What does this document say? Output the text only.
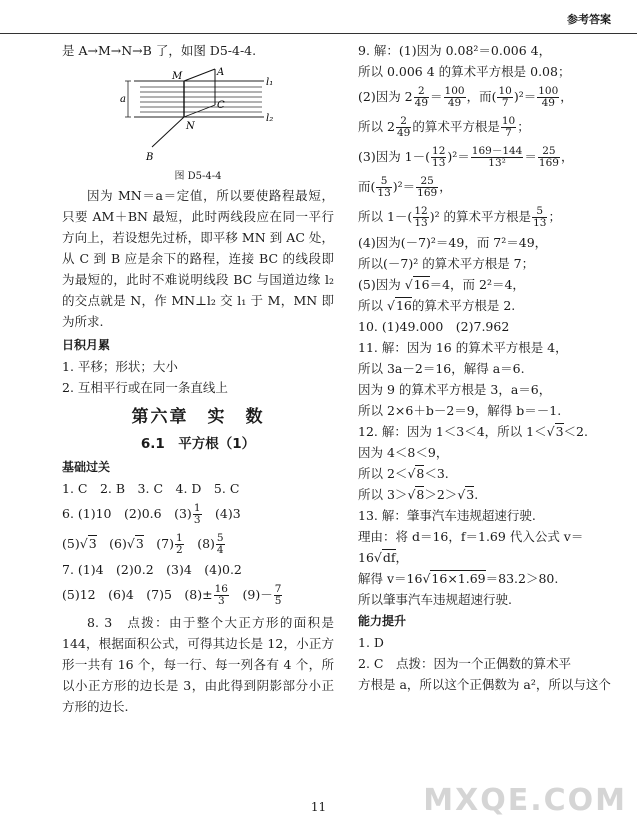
参考答案
是 A→M→N→B 了，如图 D5-4-4.
a
A
M
C
N
B
l₁
l₂
图 D5-4-4
因为 MN＝a＝定值，所以要使路程最短，只要 AM＋BN 最短，此时两线段应在同一平行方向上，若设想先过桥，即平移 MN 到 AC 处，从 C 到 B 应是余下的路程，连接 BC 的线段即为最短的，此时不难说明线段 BC 与国道边缘 l₂ 的交点就是 N，作 MN⊥l₂ 交 l₁ 于 M，MN 即为所求.
日积月累
1. 平移；形状；大小
2. 互相平行或在同一条直线上
第六章　实　数
6.1　平方根（1）
基础过关
1. C　2. B　3. C　4. D　5. C
6. (1)10　(2)0.6　$(3) \frac{1}{3}$ 　(4)3
(5)√3　(6)√3　$(7) \frac{1}{2}$ 　$(8) \frac{5}{4}$
7. (1)4　(2)0.2　(3)4　(4)0.2
(5)12　(6)4　(7)5　$(8)\pm \frac{16}{3}$ 　$(9)- \frac{7}{5}$
8. 3　点拨：由于整个大正方形的面积是 144，根据面积公式，可得其边长是 12，小正方形一共有 16 个，每一行、每一列各有 4 个，所以小正方形的边长是 3，由此得到阴影部分小正方形的边长.
9. 解：(1)因为 0.08²＝0.006 4，
所以 0.006 4 的算术平方根是 0.08；
(2)因为 $2 \frac{2}{49} = \frac{100}{49}$ ，而( $\frac{10}{7} )^2= \frac{100}{49}$ ，
所以 $2 \frac{2}{49}$ 的算术平方根是 $\frac{10}{7}$ ；
(3)因为 $1-( \frac{12}{13} )^2= \frac{169-144}{\text{13²}} = \frac{25}{169}$ ，
而( $\frac{5}{13} )^2= \frac{25}{169}$ ，
所以 $1-( \frac{12}{13} )^2$ 的算术平方根是 $\frac{5}{13}$ ；
(4)因为(－7)²＝49，而 7²＝49，
所以(－7)² 的算术平方根是 7；
(5)因为 √16＝4，而 2²＝4，
所以 √16的算术平方根是 2.
10. (1)49.000　(2)7.962
11. 解：因为 16 的算术平方根是 4，
所以 3a－2＝16，解得 a＝6.
因为 9 的算术平方根是 3，a＝6，
所以 2×6＋b－2＝9，解得 b＝－1.
12. 解：因为 1＜3＜4，所以 1＜√3＜2.
因为 4＜8＜9，
所以 2＜√8＜3.
所以 3＞√8＞2＞√3.
13. 解：肇事汽车违规超速行驶.
理由：将 d＝16，f＝1.69 代入公式 v＝
16√df，
解得 v＝16√16×1.69＝83.2＞80.
所以肇事汽车违规超速行驶.
能力提升
1. D
2. C　点拨：因为一个正偶数的算术平
方根是 a，所以这个正偶数为 a²，所以与这个
11	MXQE.COM
